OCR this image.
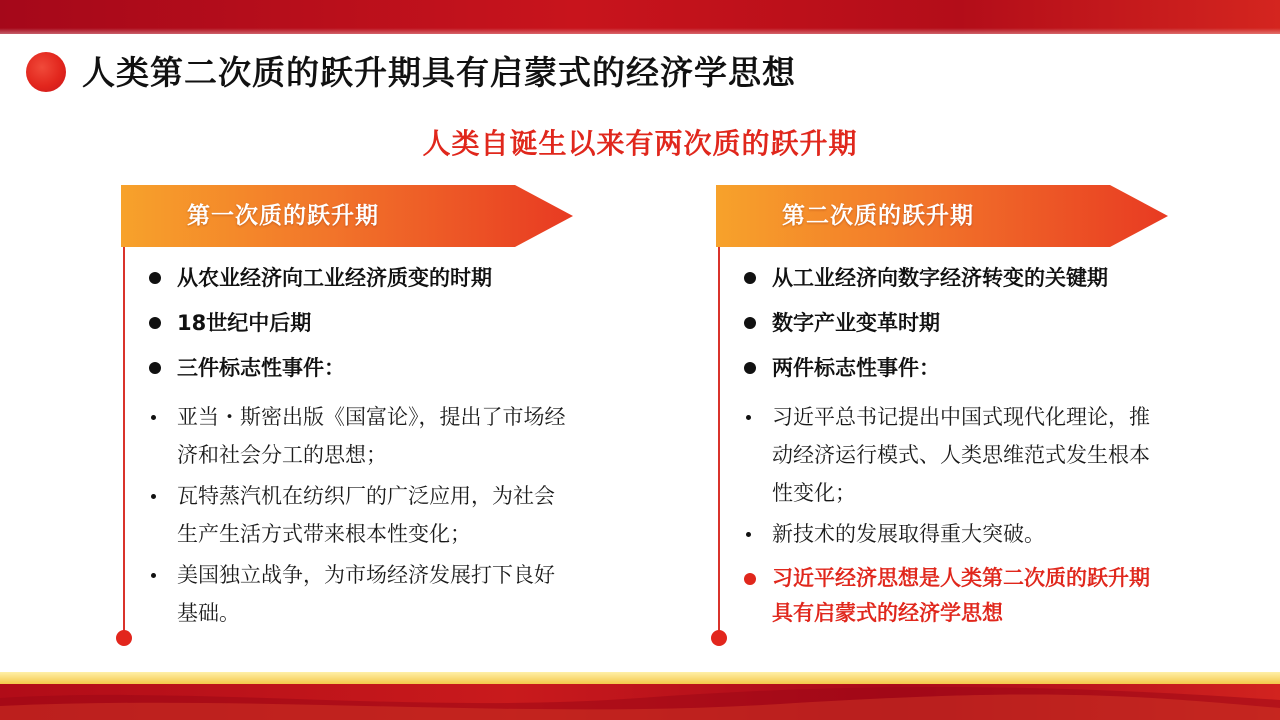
人类第二次质的跃升期具有启蒙式的经济学思想
人类自诞生以来有两次质的跃升期
第一次质的跃升期
从农业经济向工业经济质变的时期
18世纪中后期
三件标志性事件：
亚当・斯密出版《国富论》，提出了市场经济和社会分工的思想；
瓦特蒸汽机在纺织厂的广泛应用，为社会生产生活方式带来根本性变化；
美国独立战争，为市场经济发展打下良好基础。
第二次质的跃升期
从工业经济向数字经济转变的关键期
数字产业变革时期
两件标志性事件：
习近平总书记提出中国式现代化理论，推动经济运行模式、人类思维范式发生根本性变化；
新技术的发展取得重大突破。
习近平经济思想是人类第二次质的跃升期具有启蒙式的经济学思想
